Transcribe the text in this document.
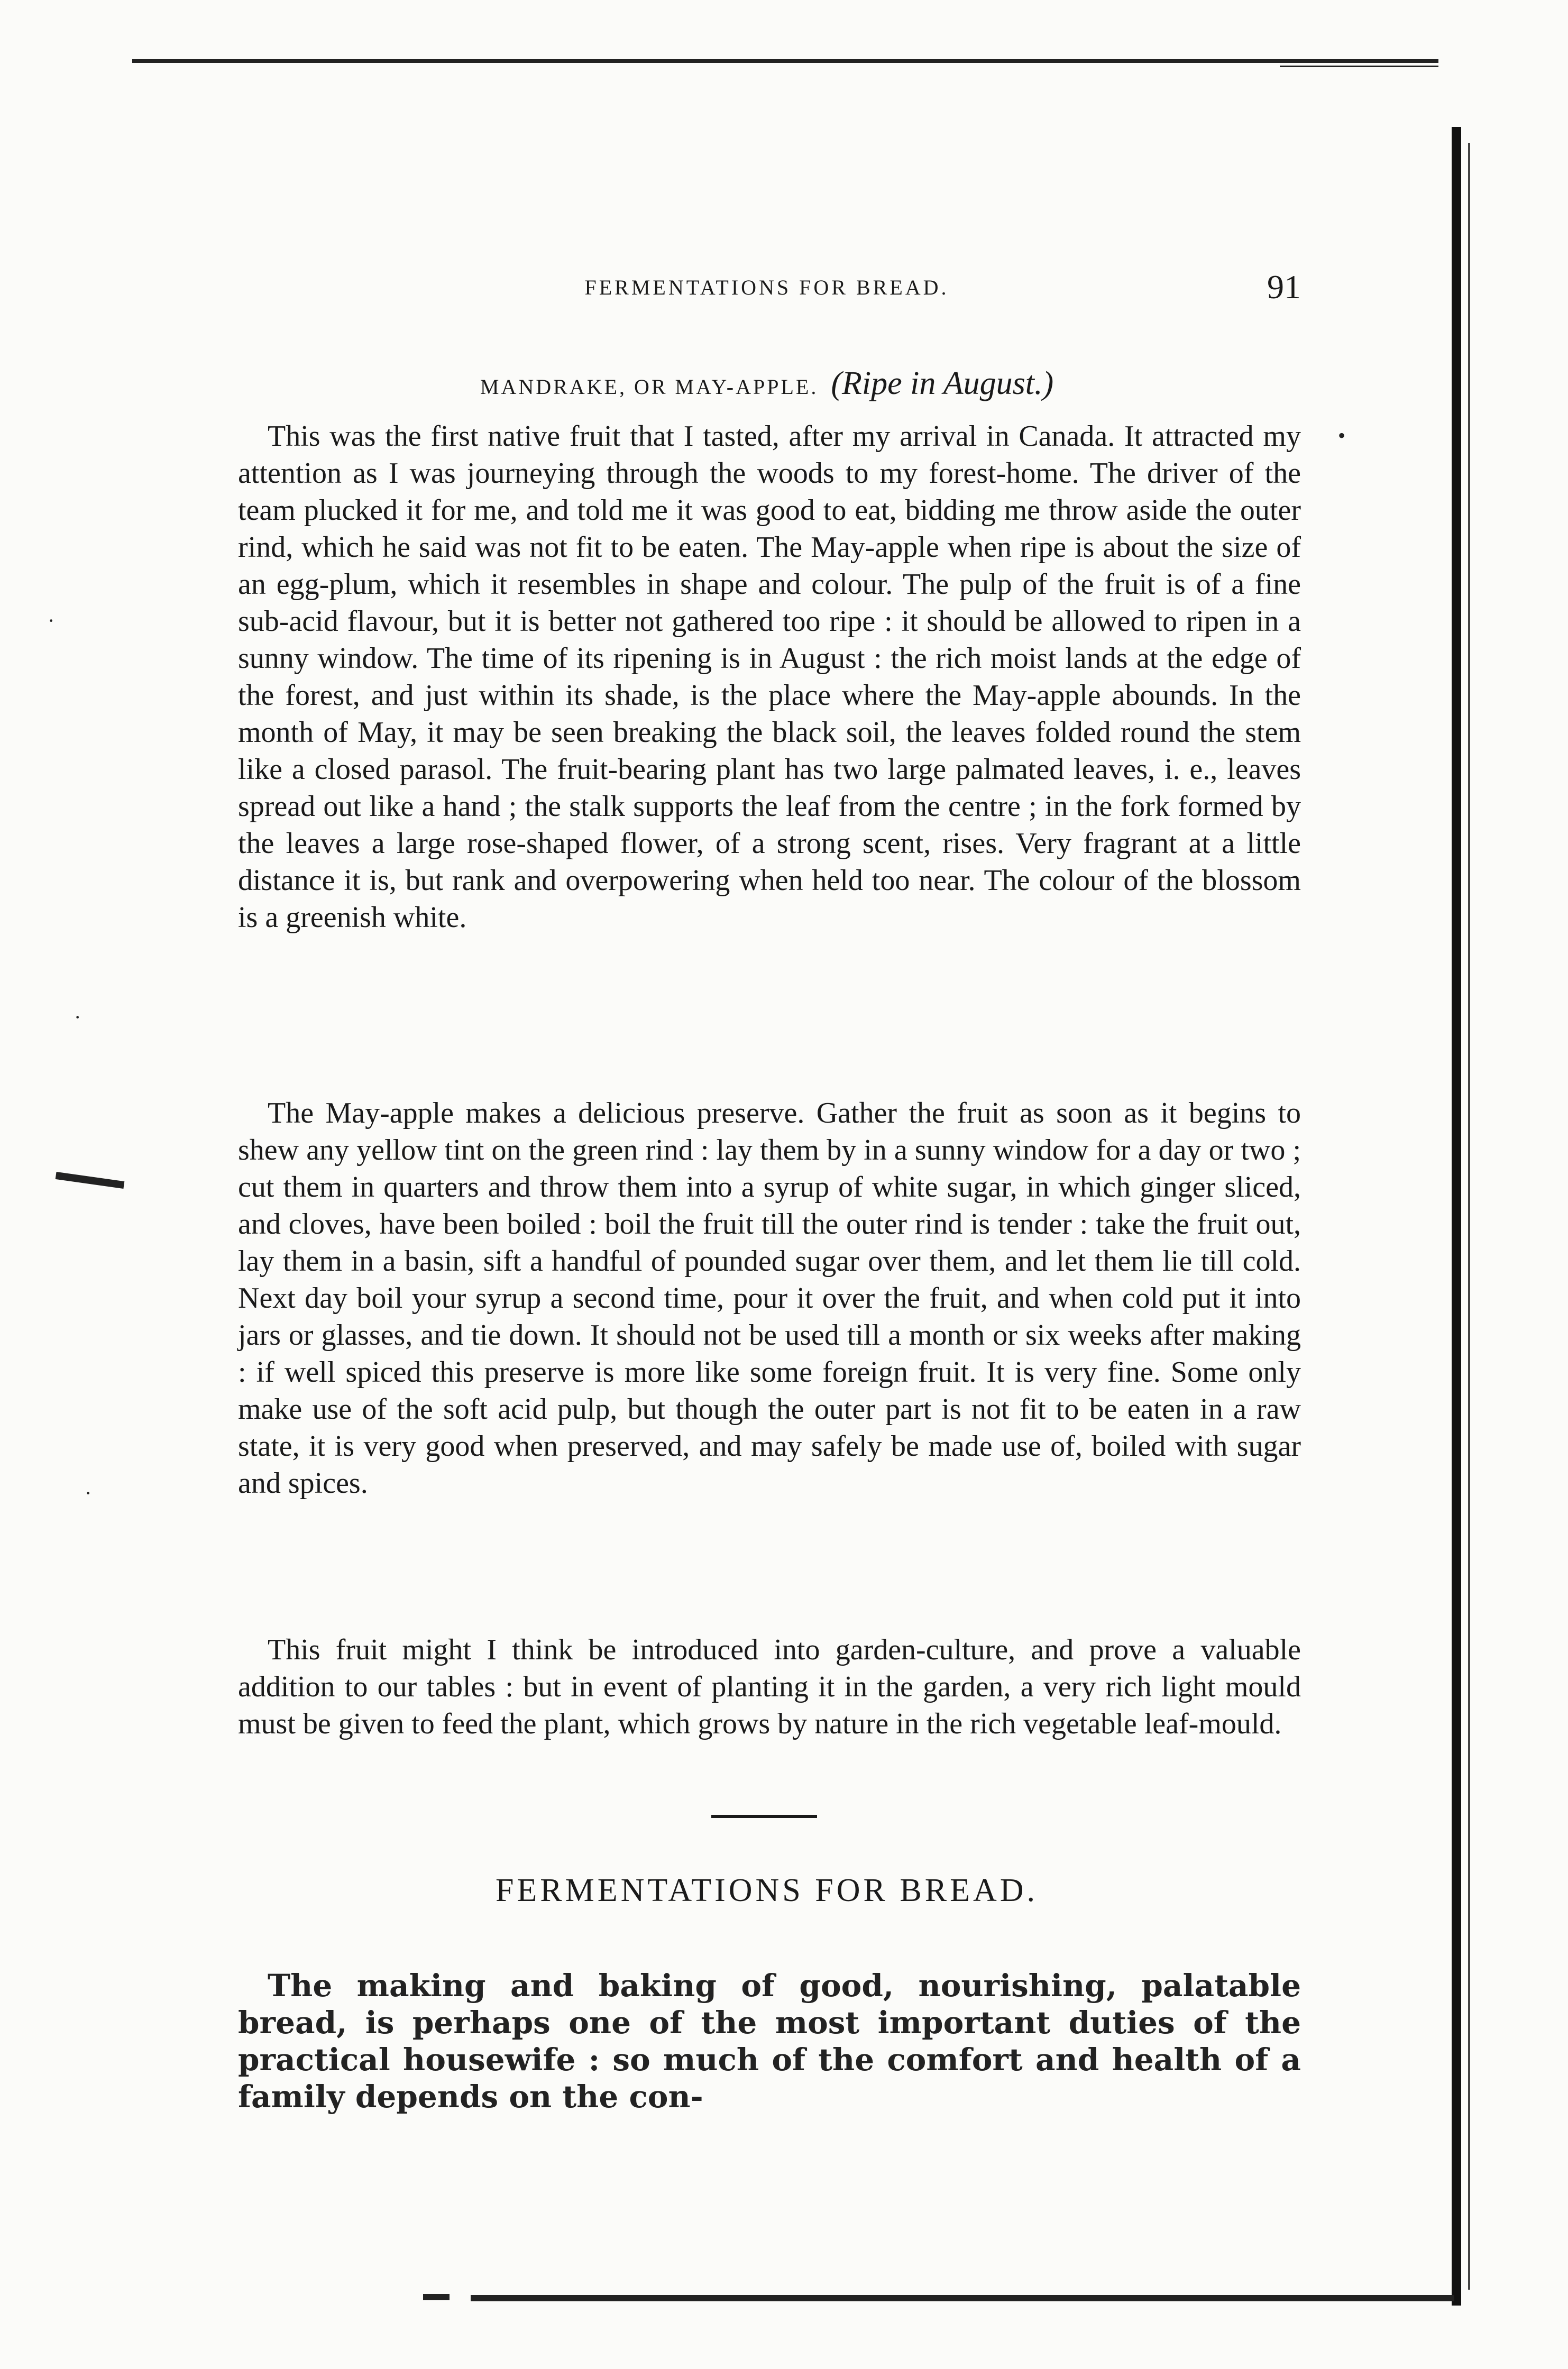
·
·
·
•
FERMENTATIONS FOR BREAD.	91
MANDRAKE, OR MAY-APPLE. (Ripe in August.)

This was the first native fruit that I tasted, after my arrival in Canada. It attracted my attention as I was journeying through the woods to my forest-home. The driver of the team plucked it for me, and told me it was good to eat, bidding me throw aside the outer rind, which he said was not fit to be eaten. The May-apple when ripe is about the size of an egg-plum, which it resembles in shape and colour. The pulp of the fruit is of a fine sub-acid flavour, but it is better not gathered too ripe : it should be allowed to ripen in a sunny window. The time of its ripening is in August : the rich moist lands at the edge of the forest, and just within its shade, is the place where the May-apple abounds. In the month of May, it may be seen breaking the black soil, the leaves folded round the stem like a closed parasol. The fruit-bearing plant has two large palmated leaves, i. e., leaves spread out like a hand ; the stalk supports the leaf from the centre ; in the fork formed by the leaves a large rose-shaped flower, of a strong scent, rises. Very fragrant at a little distance it is, but rank and overpowering when held too near. The colour of the blossom is a greenish white.

The May-apple makes a delicious preserve. Gather the fruit as soon as it begins to shew any yellow tint on the green rind : lay them by in a sunny window for a day or two ; cut them in quarters and throw them into a syrup of white sugar, in which ginger sliced, and cloves, have been boiled : boil the fruit till the outer rind is tender : take the fruit out, lay them in a basin, sift a handful of pounded sugar over them, and let them lie till cold. Next day boil your syrup a second time, pour it over the fruit, and when cold put it into jars or glasses, and tie down. It should not be used till a month or six weeks after making : if well spiced this preserve is more like some foreign fruit. It is very fine. Some only make use of the soft acid pulp, but though the outer part is not fit to be eaten in a raw state, it is very good when preserved, and may safely be made use of, boiled with sugar and spices.

This fruit might I think be introduced into garden-culture, and prove a valuable addition to our tables : but in event of planting it in the garden, a very rich light mould must be given to feed the plant, which grows by nature in the rich vegetable leaf-mould.

FERMENTATIONS FOR BREAD.

The making and baking of good, nourishing, palatable bread, is perhaps one of the most important duties of the practical housewife : so much of the comfort and health of a family depends on the con-
